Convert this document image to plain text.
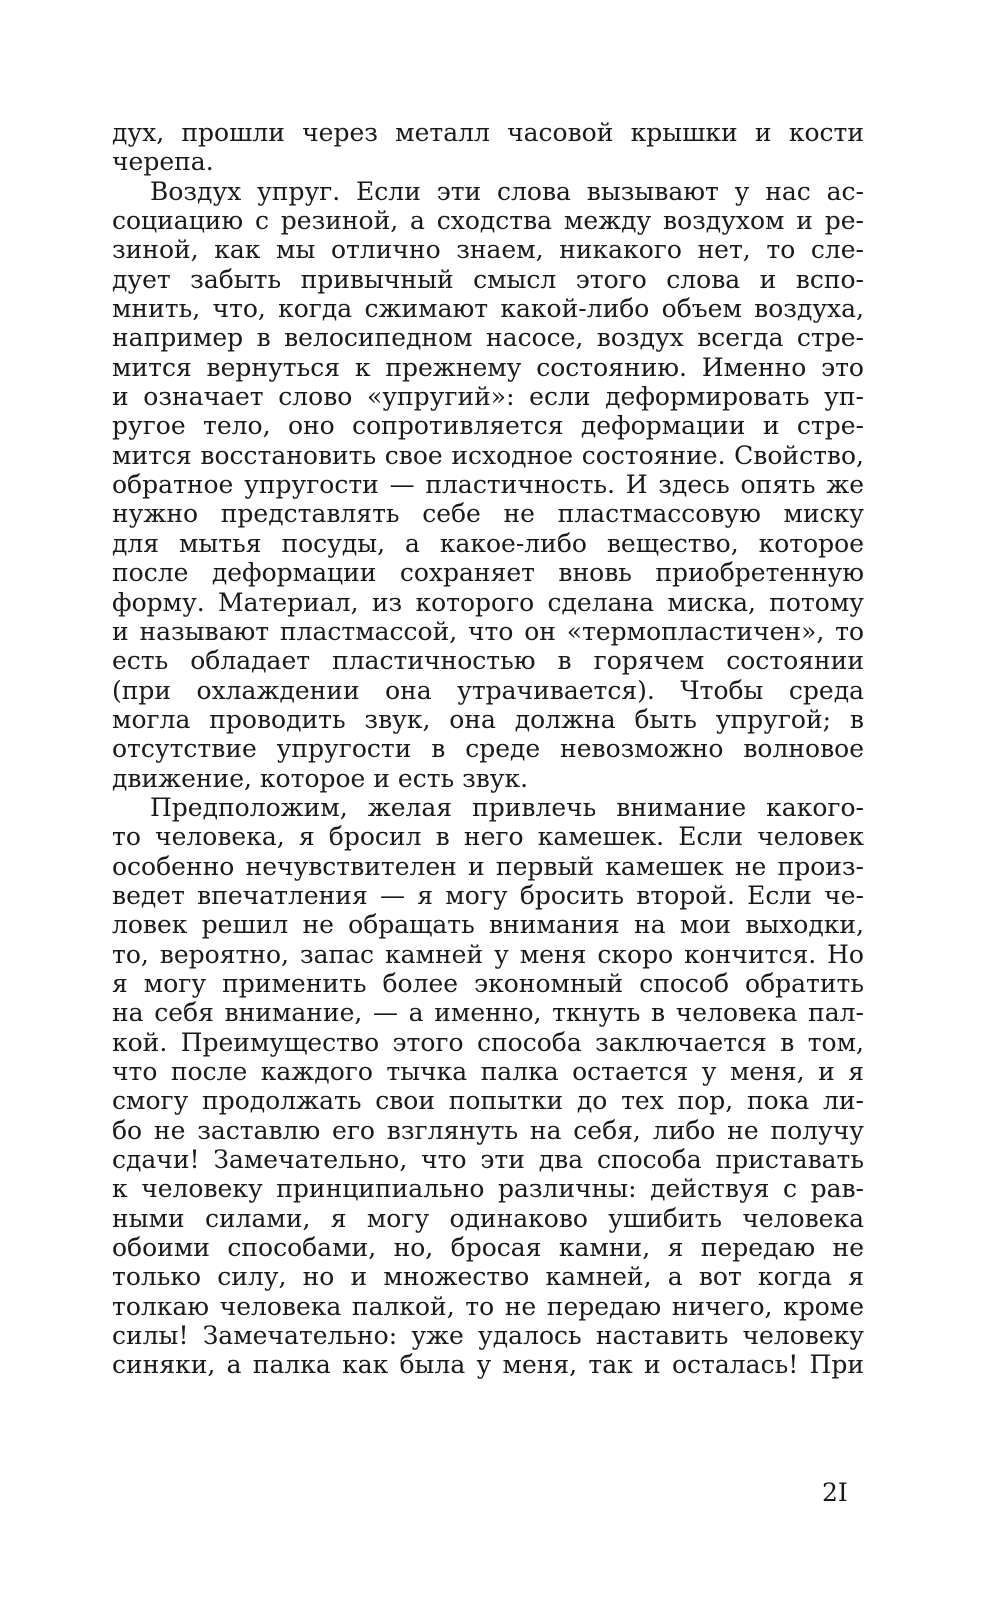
дух, прошли через металл часовой крышки и кости
черепа.
Воздух упруг. Если эти слова вызывают у нас ас-
социацию с резиной, а сходства между воздухом и ре-
зиной, как мы отлично знаем, никакого нет, то сле-
дует забыть привычный смысл этого слова и вспо-
мнить, что, когда сжимают какой-либо объем воздуха,
например в велосипедном насосе, воздух всегда стре-
мится вернуться к прежнему состоянию. Именно это
и означает слово «упругий»: если деформировать уп-
ругое тело, оно сопротивляется деформации и стре-
мится восстановить свое исходное состояние. Свойство,
обратное упругости — пластичность. И здесь опять же
нужно представлять себе не пластмассовую миску
для мытья посуды, а какое-либо вещество, которое
после деформации сохраняет вновь приобретенную
форму. Материал, из которого сделана миска, потому
и называют пластмассой, что он «термопластичен», то
есть обладает пластичностью в горячем состоянии
(при охлаждении она утрачивается). Чтобы среда
могла проводить звук, она должна быть упругой; в
отсутствие упругости в среде невозможно волновое
движение, которое и есть звук.
Предположим, желая привлечь внимание какого-
то человека, я бросил в него камешек. Если человек
особенно нечувствителен и первый камешек не произ-
ведет впечатления — я могу бросить второй. Если че-
ловек решил не обращать внимания на мои выходки,
то, вероятно, запас камней у меня скоро кончится. Но
я могу применить более экономный способ обратить
на себя внимание, — а именно, ткнуть в человека пал-
кой. Преимущество этого способа заключается в том,
что после каждого тычка палка остается у меня, и я
смогу продолжать свои попытки до тех пор, пока ли-
бо не заставлю его взглянуть на себя, либо не получу
сдачи! Замечательно, что эти два способа приставать
к человеку принципиально различны: действуя с рав-
ными силами, я могу одинаково ушибить человека
обоими способами, но, бросая камни, я передаю не
только силу, но и множество камней, а вот когда я
толкаю человека палкой, то не передаю ничего, кроме
силы! Замечательно: уже удалось наставить человеку
синяки, а палка как была у меня, так и осталась! При
2I
